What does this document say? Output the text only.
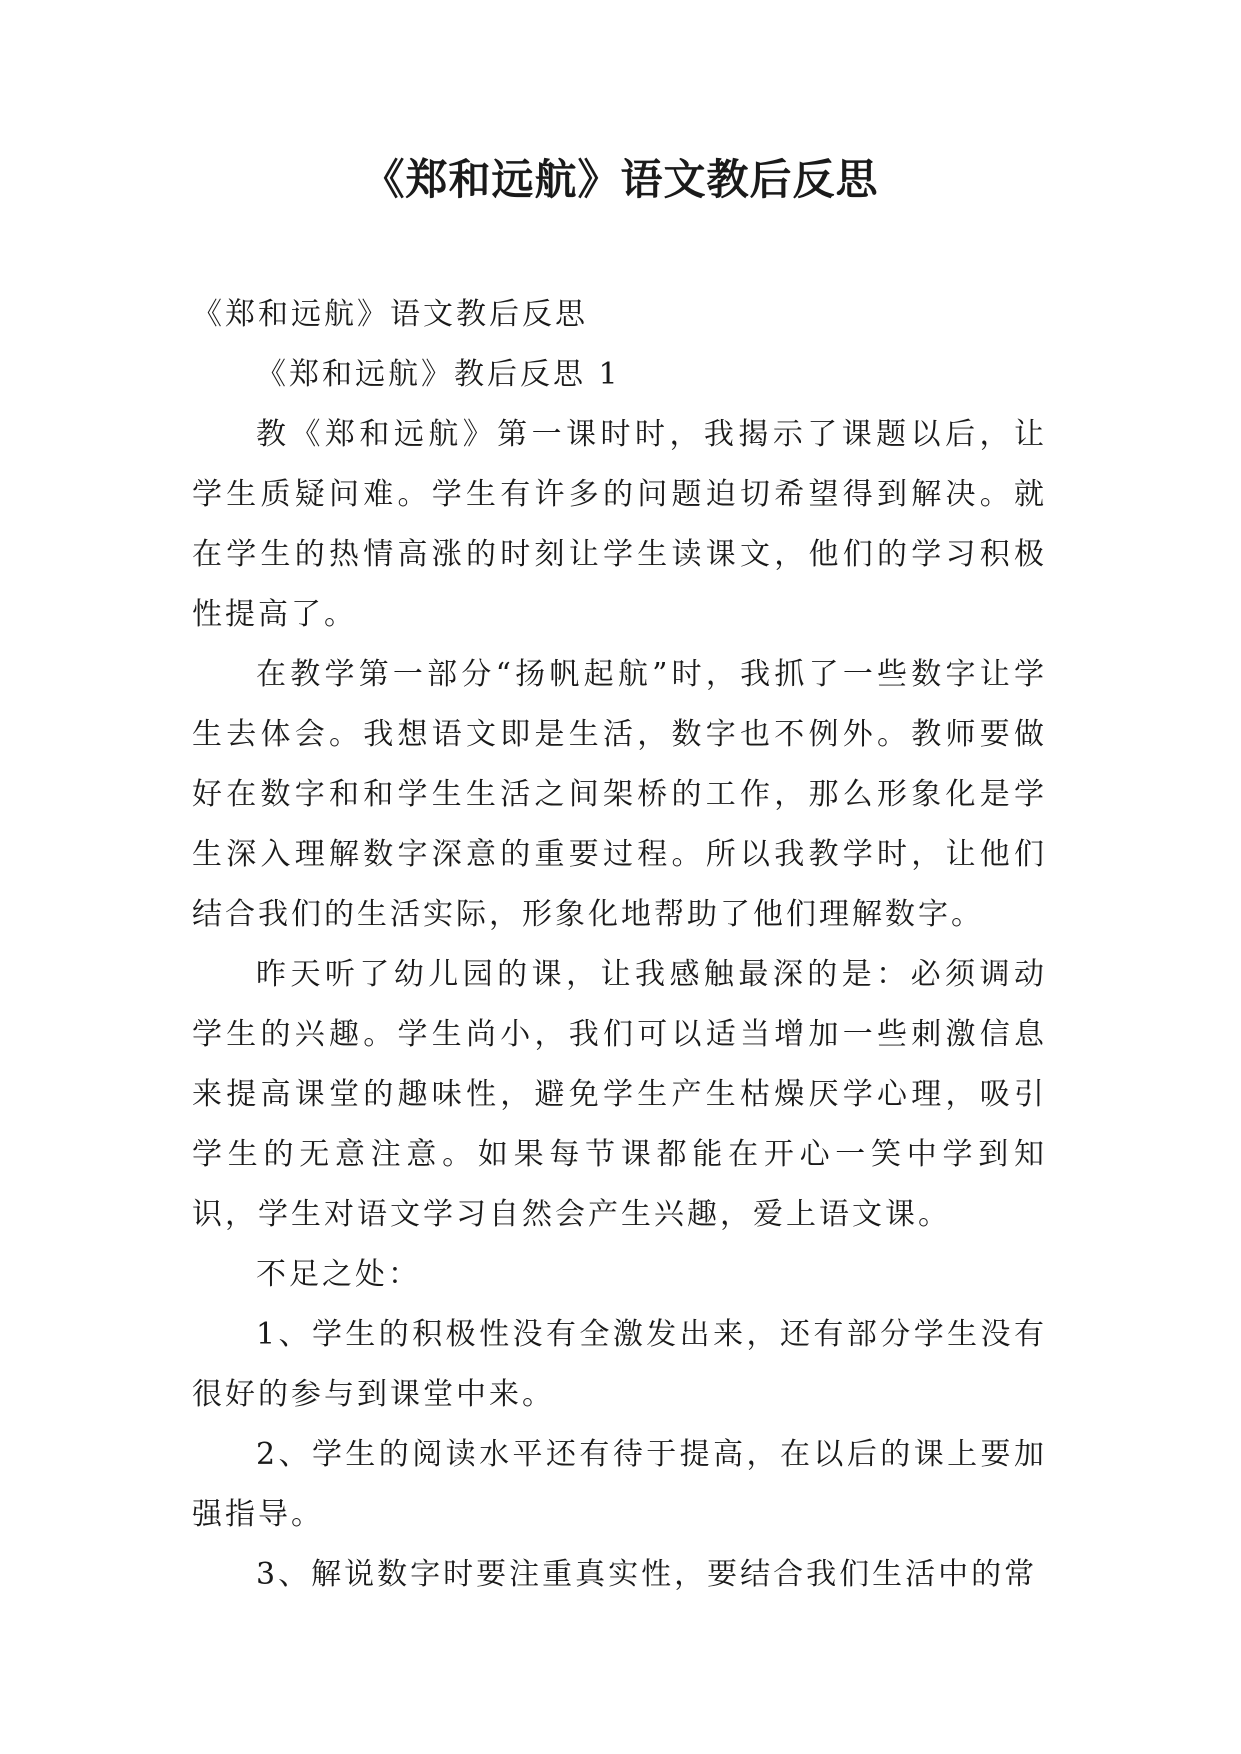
《郑和远航》语文教后反思

《郑和远航》语文教后反思

《郑和远航》教后反思 1

教《郑和远航》第一课时时，我揭示了课题以后，让学生质疑问难。学生有许多的问题迫切希望得到解决。就在学生的热情高涨的时刻让学生读课文，他们的学习积极性提高了。

在教学第一部分“扬帆起航”时，我抓了一些数字让学生去体会。我想语文即是生活，数字也不例外。教师要做好在数字和和学生生活之间架桥的工作，那么形象化是学生深入理解数字深意的重要过程。所以我教学时，让他们结合我们的生活实际，形象化地帮助了他们理解数字。

昨天听了幼儿园的课，让我感触最深的是：必须调动学生的兴趣。学生尚小，我们可以适当增加一些刺激信息来提高课堂的趣味性，避免学生产生枯燥厌学心理，吸引学生的无意注意。如果每节课都能在开心一笑中学到知识，学生对语文学习自然会产生兴趣，爱上语文课。

不足之处：

1、学生的积极性没有全激发出来，还有部分学生没有很好的参与到课堂中来。

2、学生的阅读水平还有待于提高，在以后的课上要加强指导。

3、解说数字时要注重真实性，要结合我们生活中的常
